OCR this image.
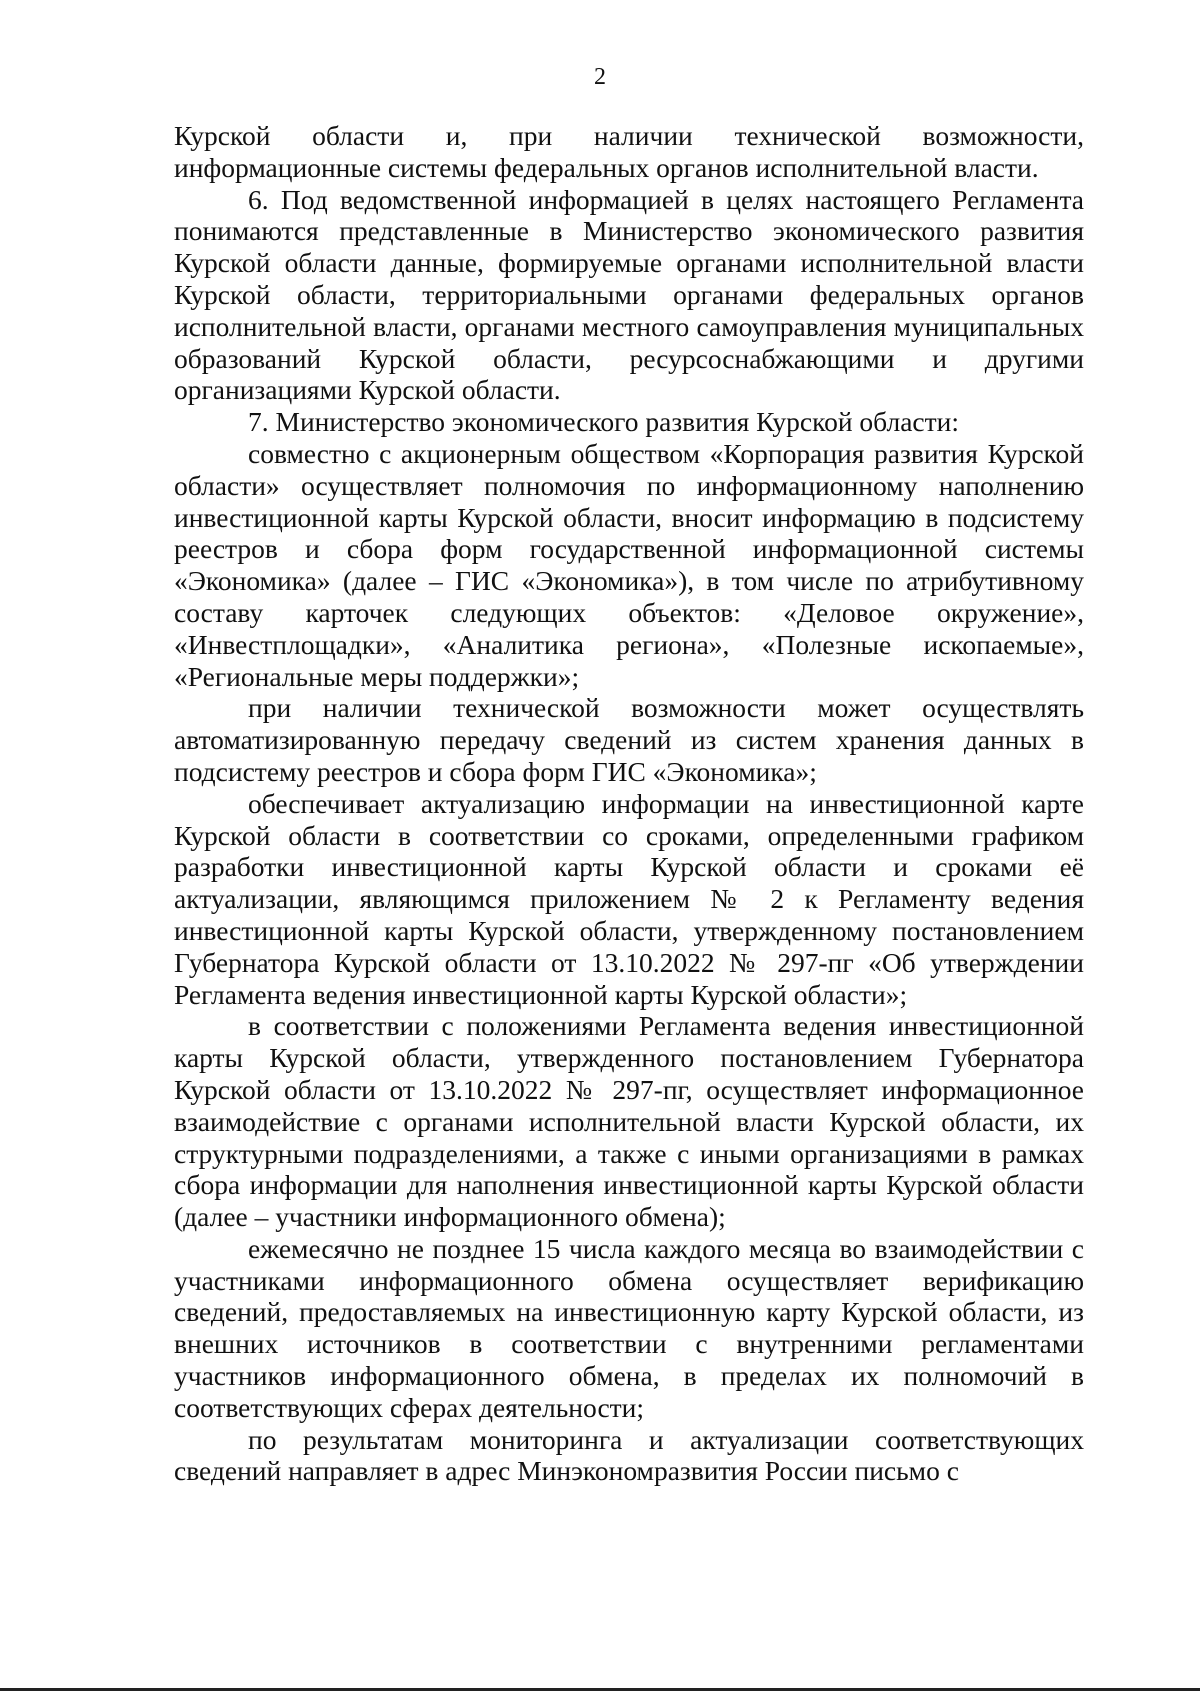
2

Курской области и, при наличии технической возможности, информационные системы федеральных органов исполнительной власти.

6. Под ведомственной информацией в целях настоящего Регламента понимаются представленные в Министерство экономического развития Курской области данные, формируемые органами исполнительной власти Курской области, территориальными органами федеральных органов исполнительной власти, органами местного самоуправления муниципальных образований Курской области, ресурсоснабжающими и другими организациями Курской области.

7. Министерство экономического развития Курской области:

совместно с акционерным обществом «Корпорация развития Курской области» осуществляет полномочия по информационному наполнению инвестиционной карты Курской области, вносит информацию в подсистему реестров и сбора форм государственной информационной системы «Экономика» (далее – ГИС «Экономика»), в том числе по атрибутивному составу карточек следующих объектов: «Деловое окружение», «Инвестплощадки», «Аналитика региона», «Полезные ископаемые», «Региональные меры поддержки»;

при наличии технической возможности может осуществлять автоматизированную передачу сведений из систем хранения данных в подсистему реестров и сбора форм ГИС «Экономика»;

обеспечивает актуализацию информации на инвестиционной карте Курской области в соответствии со сроками, определенными графиком разработки инвестиционной карты Курской области и сроками её актуализации, являющимся приложением № 2 к Регламенту ведения инвестиционной карты Курской области, утвержденному постановлением Губернатора Курской области от 13.10.2022 № 297-пг «Об утверждении Регламента ведения инвестиционной карты Курской области»;

в соответствии с положениями Регламента ведения инвестиционной карты Курской области, утвержденного постановлением Губернатора Курской области от 13.10.2022 № 297-пг, осуществляет информационное взаимодействие с органами исполнительной власти Курской области, их структурными подразделениями, а также с иными организациями в рамках сбора информации для наполнения инвестиционной карты Курской области (далее – участники информационного обмена);

ежемесячно не позднее 15 числа каждого месяца во взаимодействии с участниками информационного обмена осуществляет верификацию сведений, предоставляемых на инвестиционную карту Курской области, из внешних источников в соответствии с внутренними регламентами участников информационного обмена, в пределах их полномочий в соответствующих сферах деятельности;

по результатам мониторинга и актуализации соответствующих сведений направляет в адрес Минэкономразвития России письмо с
